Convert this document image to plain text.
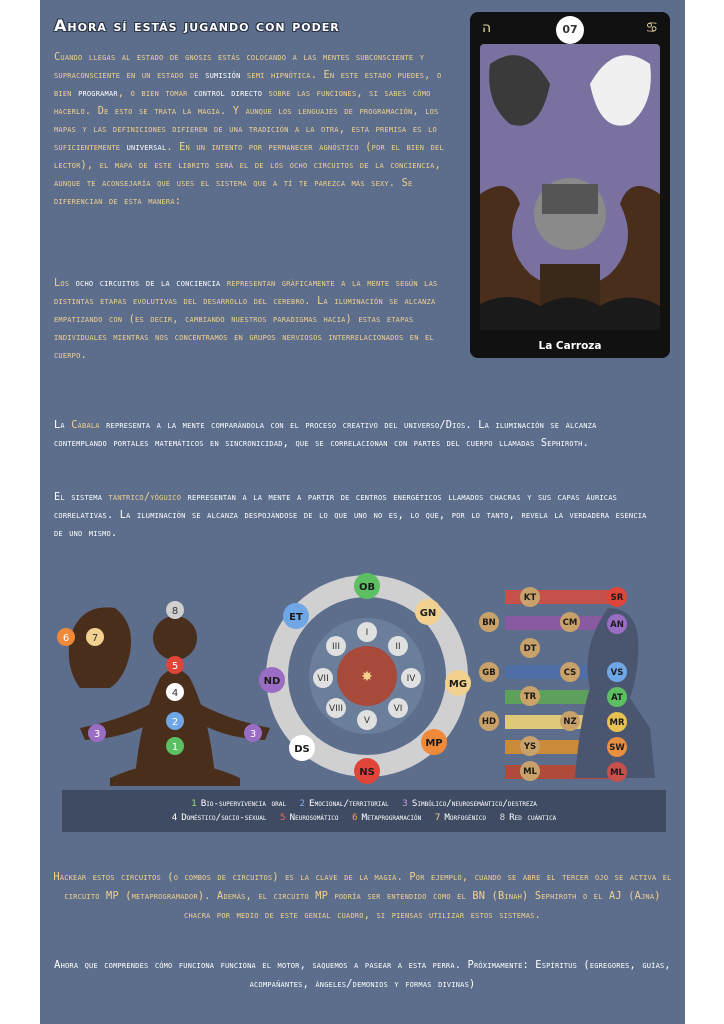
Ahora sí estás jugando con poder
Cuando llegas al estado de gnosis estás colocando a las mentes subconsciente y supraconsciente en un estado de sumisión semi hipnótica. En este estado puedes, o bien programar, o bien tomar control directo sobre las funciones, si sabes cómo hacerlo. De esto se trata la magia. Y aunque los lenguajes de programación, los mapas y las definiciones difieren de una tradición a la otra, esta premisa es lo suficientemente universal. En un intento por permanecer agnóstico (por el bien del lector), el mapa de este librito será el de los ocho circuitos de la conciencia, aunque te aconsejaría que uses el sistema que a tí te parezca más sexy. Se diferencian de esta manera:
Los ocho circuitos de la conciencia representan gráficamente a la mente según las distintas etapas evolutivas del desarrollo del cerebro. La iluminación se alcanza empatizando con (es decir, cambiando nuestros paradigmas hacia) estas etapas individuales mientras nos concentramos en grupos nerviosos interrelacionados en el cuerpo.
La Cábala representa a la mente comparándola con el proceso creativo del universo/Dios. La iluminación se alcanza contemplando portales matemáticos en sincronicidad, que se correlacionan con partes del cuerpo llamadas Sephiroth.
El sistema tántrico/yóguico representan a la mente a partir de centros energéticos llamados chacras y sus capas áuricas correlativas. La iluminación se alcanza despojándose de lo que uno no es, lo que, por lo tanto, revela la verdadera esencia de uno mismo.
ה	♋
07
La Carroza
1
2
3	3
4
5
6 7
8
✸
I
II
III
IV
V
VI
VII
VIII
OB
GN
MG
MP
NS
DS
ND
ET
KT
BN	CM
DT
GB	CS
TR
HD	NZ
YS
ML
SR
AN
VS
AT
MR
SW
ML
1 Bio-supervivencia oral 2 Emocional/territorial 3 Simbólico/neurosemántico/destreza
4 Doméstico/socio-sexual 5 Neurosomático 6 Metaprogramación 7 Morfogénico 8 Red cuántica
Hackear estos circuitos (o combos de circuitos) es la clave de la magia. Por ejemplo, cuando se abre el tercer ojo se activa el circuito MP (metaprogramador). Además, el circuito MP podría ser entendido como el BN (Binah) Sephiroth o el AJ (Ajna) chacra por medio de este genial cuadro, si piensas utilizar estos sistemas.
Ahora que comprendes cómo funciona funciona el motor, saquemos a pasear a esta perra. Próximamente: Espíritus (egregores, guías, acompañantes, ángeles/demonios y formas divinas)
